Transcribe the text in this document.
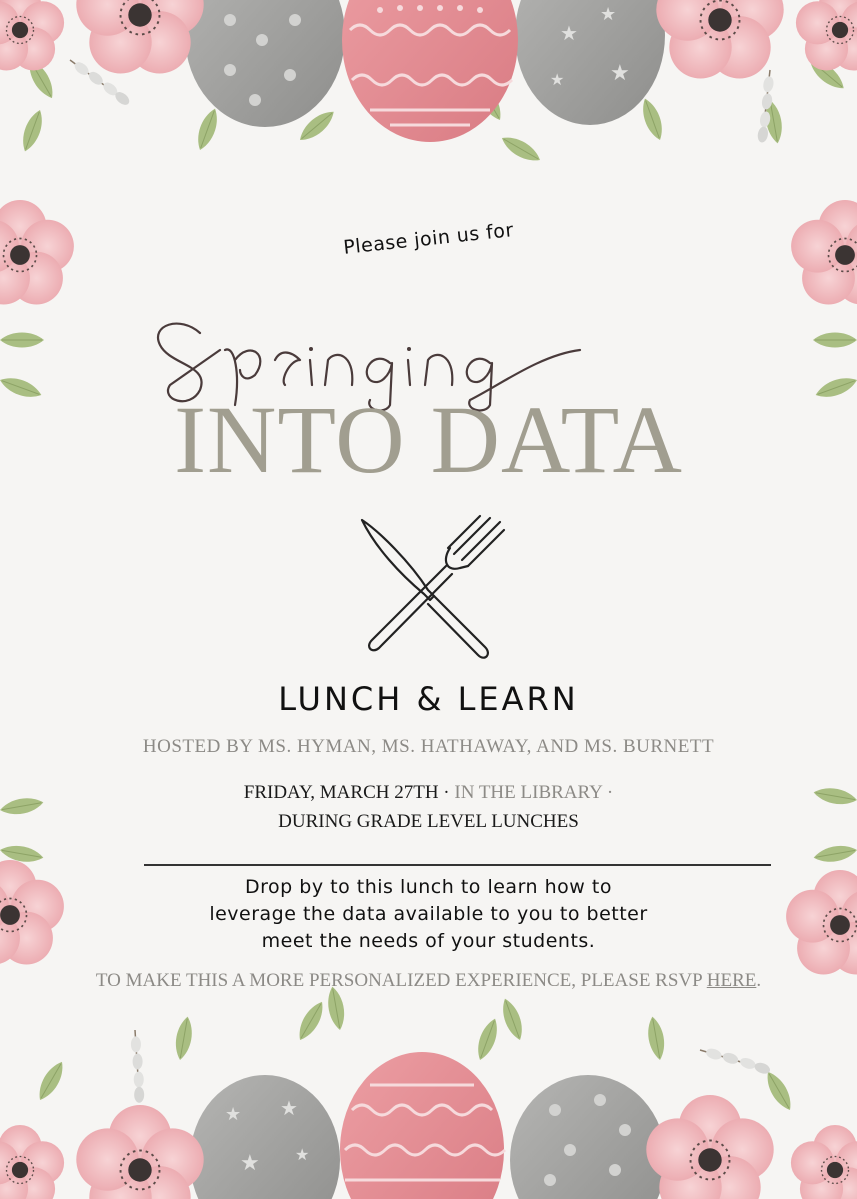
★
★
★
★
★ ★
★ ★
Please join us for
INTO DATA
LUNCH & LEARN
HOSTED BY MS. HYMAN, MS. HATHAWAY, AND MS. BURNETT
FRIDAY, MARCH 27TH · IN THE LIBRARY ·
DURING GRADE LEVEL LUNCHES
Drop by to this lunch to learn how to
leverage the data available to you to better
meet the needs of your students.
TO MAKE THIS A MORE PERSONALIZED EXPERIENCE, PLEASE RSVP HERE.
